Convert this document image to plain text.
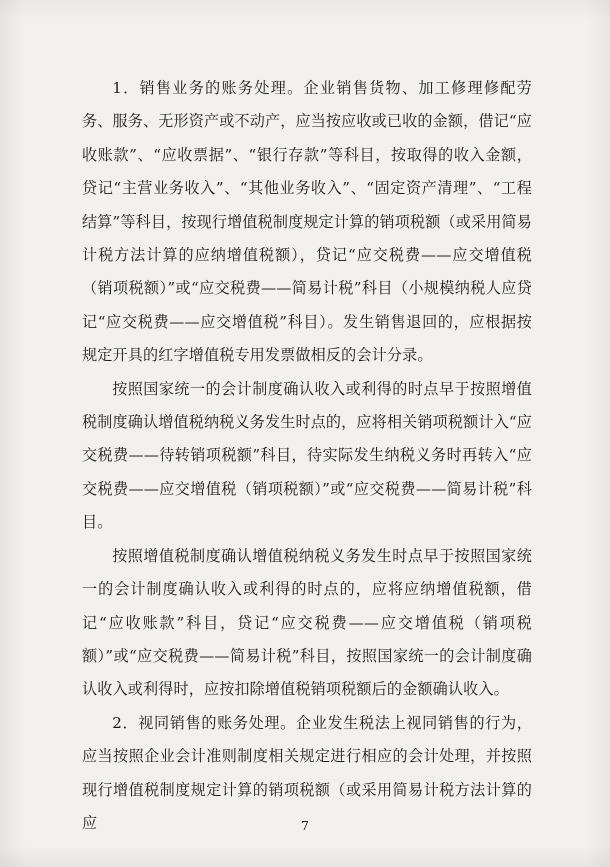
1．销售业务的账务处理。企业销售货物、加工修理修配劳务、服务、无形资产或不动产，应当按应收或已收的金额，借记“应收账款”、“应收票据”、“银行存款”等科目，按取得的收入金额，贷记“主营业务收入”、“其他业务收入”、“固定资产清理”、“工程结算”等科目，按现行增值税制度规定计算的销项税额（或采用简易计税方法计算的应纳增值税额），贷记“应交税费——应交增值税（销项税额）”或“应交税费——简易计税”科目（小规模纳税人应贷记“应交税费——应交增值税”科目）。发生销售退回的，应根据按规定开具的红字增值税专用发票做相反的会计分录。

按照国家统一的会计制度确认收入或利得的时点早于按照增值税制度确认增值税纳税义务发生时点的，应将相关销项税额计入“应交税费——待转销项税额”科目，待实际发生纳税义务时再转入“应交税费——应交增值税（销项税额）”或“应交税费——简易计税”科目。

按照增值税制度确认增值税纳税义务发生时点早于按照国家统一的会计制度确认收入或利得的时点的，应将应纳增值税额，借记“应收账款”科目，贷记“应交税费——应交增值税（销项税额）”或“应交税费——简易计税”科目，按照国家统一的会计制度确认收入或利得时，应按扣除增值税销项税额后的金额确认收入。

2．视同销售的账务处理。企业发生税法上视同销售的行为，应当按照企业会计准则制度相关规定进行相应的会计处理，并按照现行增值税制度规定计算的销项税额（或采用简易计税方法计算的应	7
